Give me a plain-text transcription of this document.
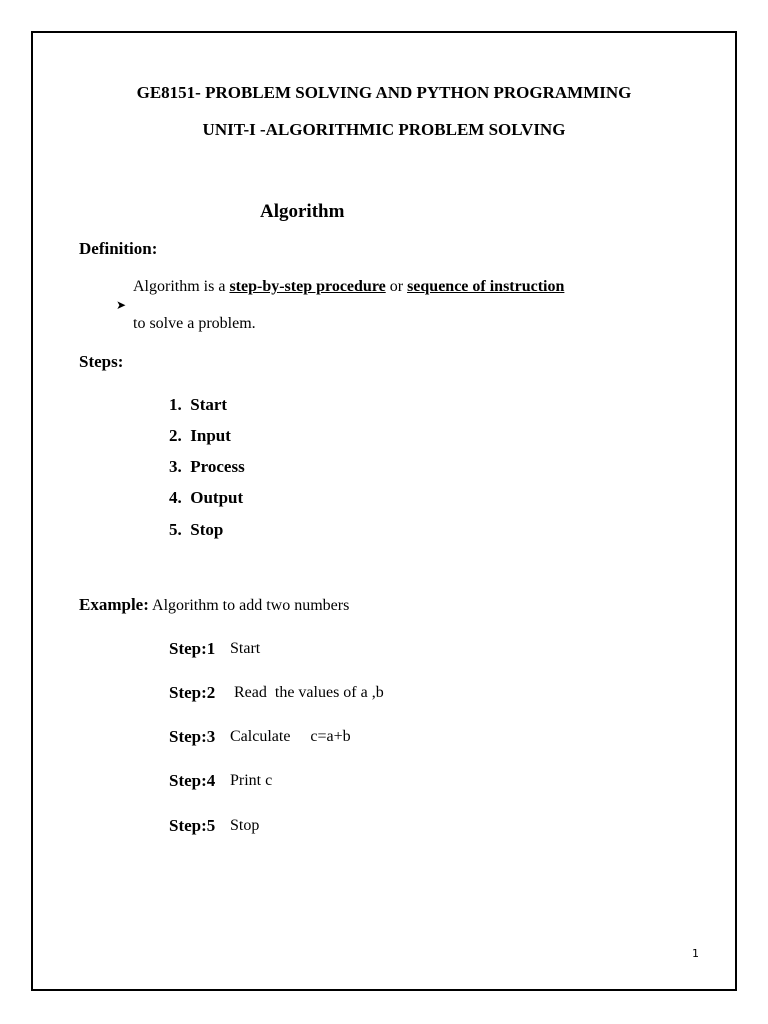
GE8151- PROBLEM SOLVING AND PYTHON PROGRAMMING
UNIT-I -ALGORITHMIC PROBLEM SOLVING
Algorithm
Definition:

➤

Algorithm is a step-by-step procedure or sequence of instruction
to solve a problem.
Steps:
1.  Start
2.  Input
3.  Process
4.  Output
5.  Stop
Example: Algorithm to add two numbers
Step:1 Start
Step:2 Read  the values of a ,b
Step:3 Calculate     c=a+b
Step:4 Print c
Step:5 Stop
1
